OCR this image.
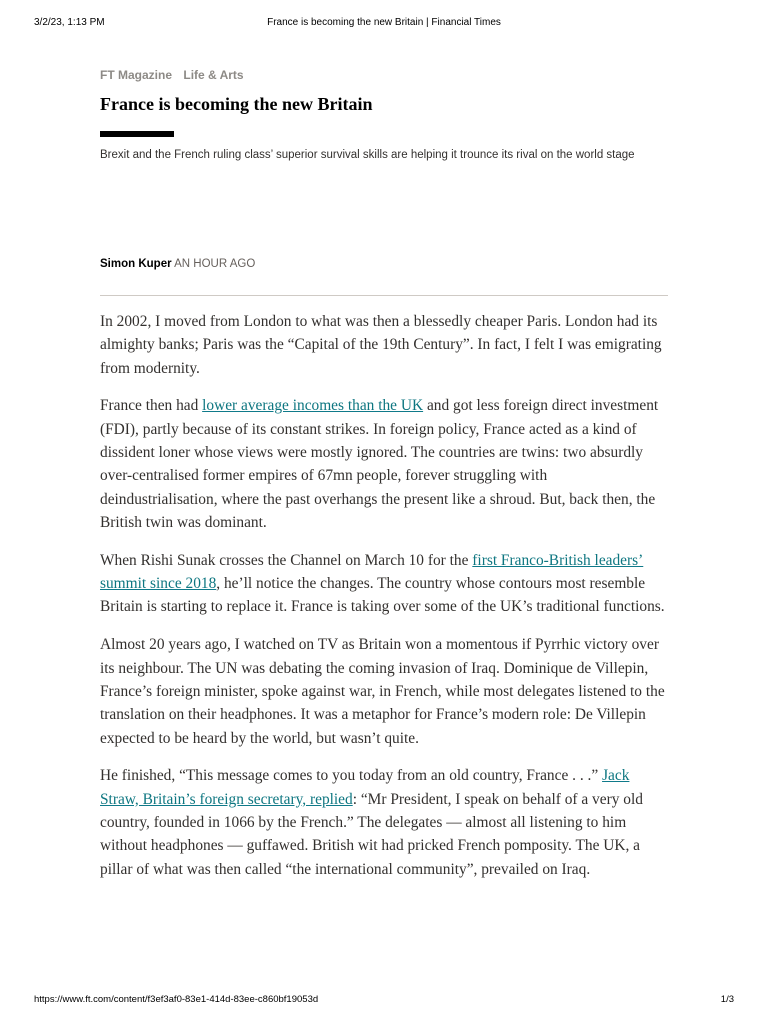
3/2/23, 1:13 PM	France is becoming the new Britain | Financial Times
FT Magazine Life & Arts
France is becoming the new Britain

Brexit and the French ruling class’ superior survival skills are helping it trounce its rival on the world stage

Simon Kuper AN HOUR AGO

In 2002, I moved from London to what was then a blessedly cheaper Paris. London had its almighty banks; Paris was the “Capital of the 19th Century”. In fact, I felt I was emigrating from modernity.

France then had lower average incomes than the UK and got less foreign direct investment (FDI), partly because of its constant strikes. In foreign policy, France acted as a kind of dissident loner whose views were mostly ignored. The countries are twins: two absurdly over-centralised former empires of 67mn people, forever struggling with deindustrialisation, where the past overhangs the present like a shroud. But, back then, the British twin was dominant.

When Rishi Sunak crosses the Channel on March 10 for the first Franco-British leaders’ summit since 2018, he’ll notice the changes. The country whose contours most resemble Britain is starting to replace it. France is taking over some of the UK’s traditional functions.

Almost 20 years ago, I watched on TV as Britain won a momentous if Pyrrhic victory over its neighbour. The UN was debating the coming invasion of Iraq. Dominique de Villepin, France’s foreign minister, spoke against war, in French, while most delegates listened to the translation on their headphones. It was a metaphor for France’s modern role: De Villepin expected to be heard by the world, but wasn’t quite.

He finished, “This message comes to you today from an old country, France . . .” Jack Straw, Britain’s foreign secretary, replied: “Mr President, I speak on behalf of a very old country, founded in 1066 by the French.” The delegates — almost all listening to him without headphones — guffawed. British wit had pricked French pomposity. The UK, a pillar of what was then called “the international community”, prevailed on Iraq.

https://www.ft.com/content/f3ef3af0-83e1-414d-83ee-c860bf19053d	1/3
